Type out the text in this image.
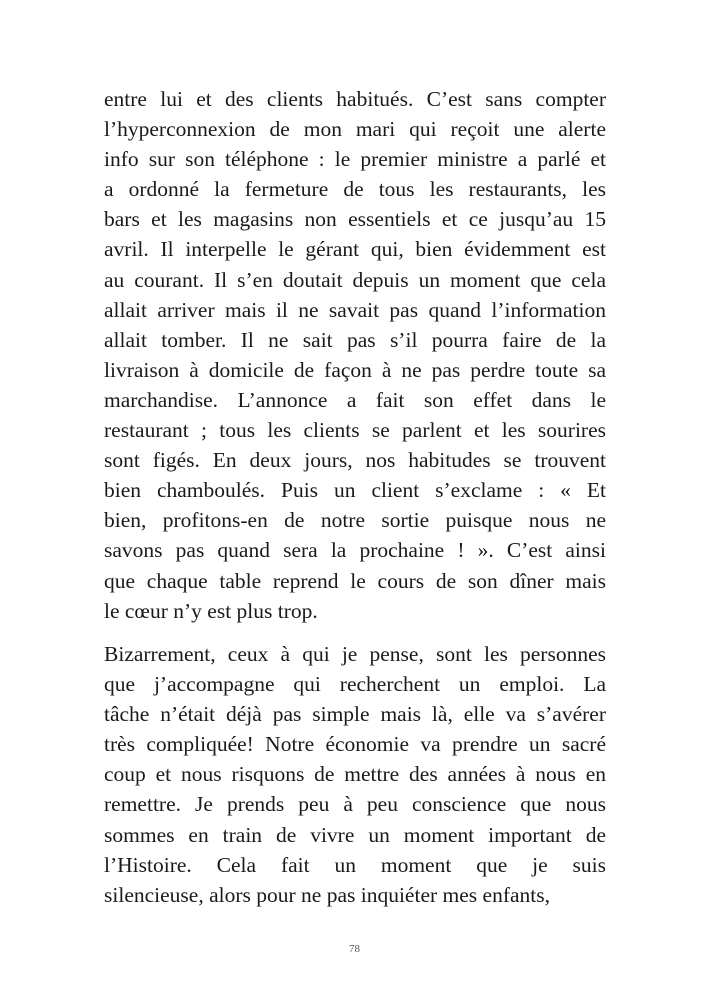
entre lui et des clients habitués. C’est sans compter
l’hyperconnexion de mon mari qui reçoit une alerte
info sur son téléphone : le premier ministre a parlé et
a ordonné la fermeture de tous les restaurants, les
bars et les magasins non essentiels et ce jusqu’au 15
avril. Il interpelle le gérant qui, bien évidemment est
au courant. Il s’en doutait depuis un moment que cela
allait arriver mais il ne savait pas quand l’information
allait tomber. Il ne sait pas s’il pourra faire de la
livraison à domicile de façon à ne pas perdre toute sa
marchandise. L’annonce a fait son effet dans le
restaurant ; tous les clients se parlent et les sourires
sont figés. En deux jours, nos habitudes se trouvent
bien chamboulés. Puis un client s’exclame : « Et
bien, profitons-en de notre sortie puisque nous ne
savons pas quand sera la prochaine ! ». C’est ainsi
que chaque table reprend le cours de son dîner mais
le cœur n’y est plus trop.
Bizarrement, ceux à qui je pense, sont les personnes
que j’accompagne qui recherchent un emploi. La
tâche n’était déjà pas simple mais là, elle va s’avérer
très compliquée! Notre économie va prendre un sacré
coup et nous risquons de mettre des années à nous en
remettre. Je prends peu à peu conscience que nous
sommes en train de vivre un moment important de
l’Histoire. Cela fait un moment que je suis
silencieuse, alors pour ne pas inquiéter mes enfants,
78
